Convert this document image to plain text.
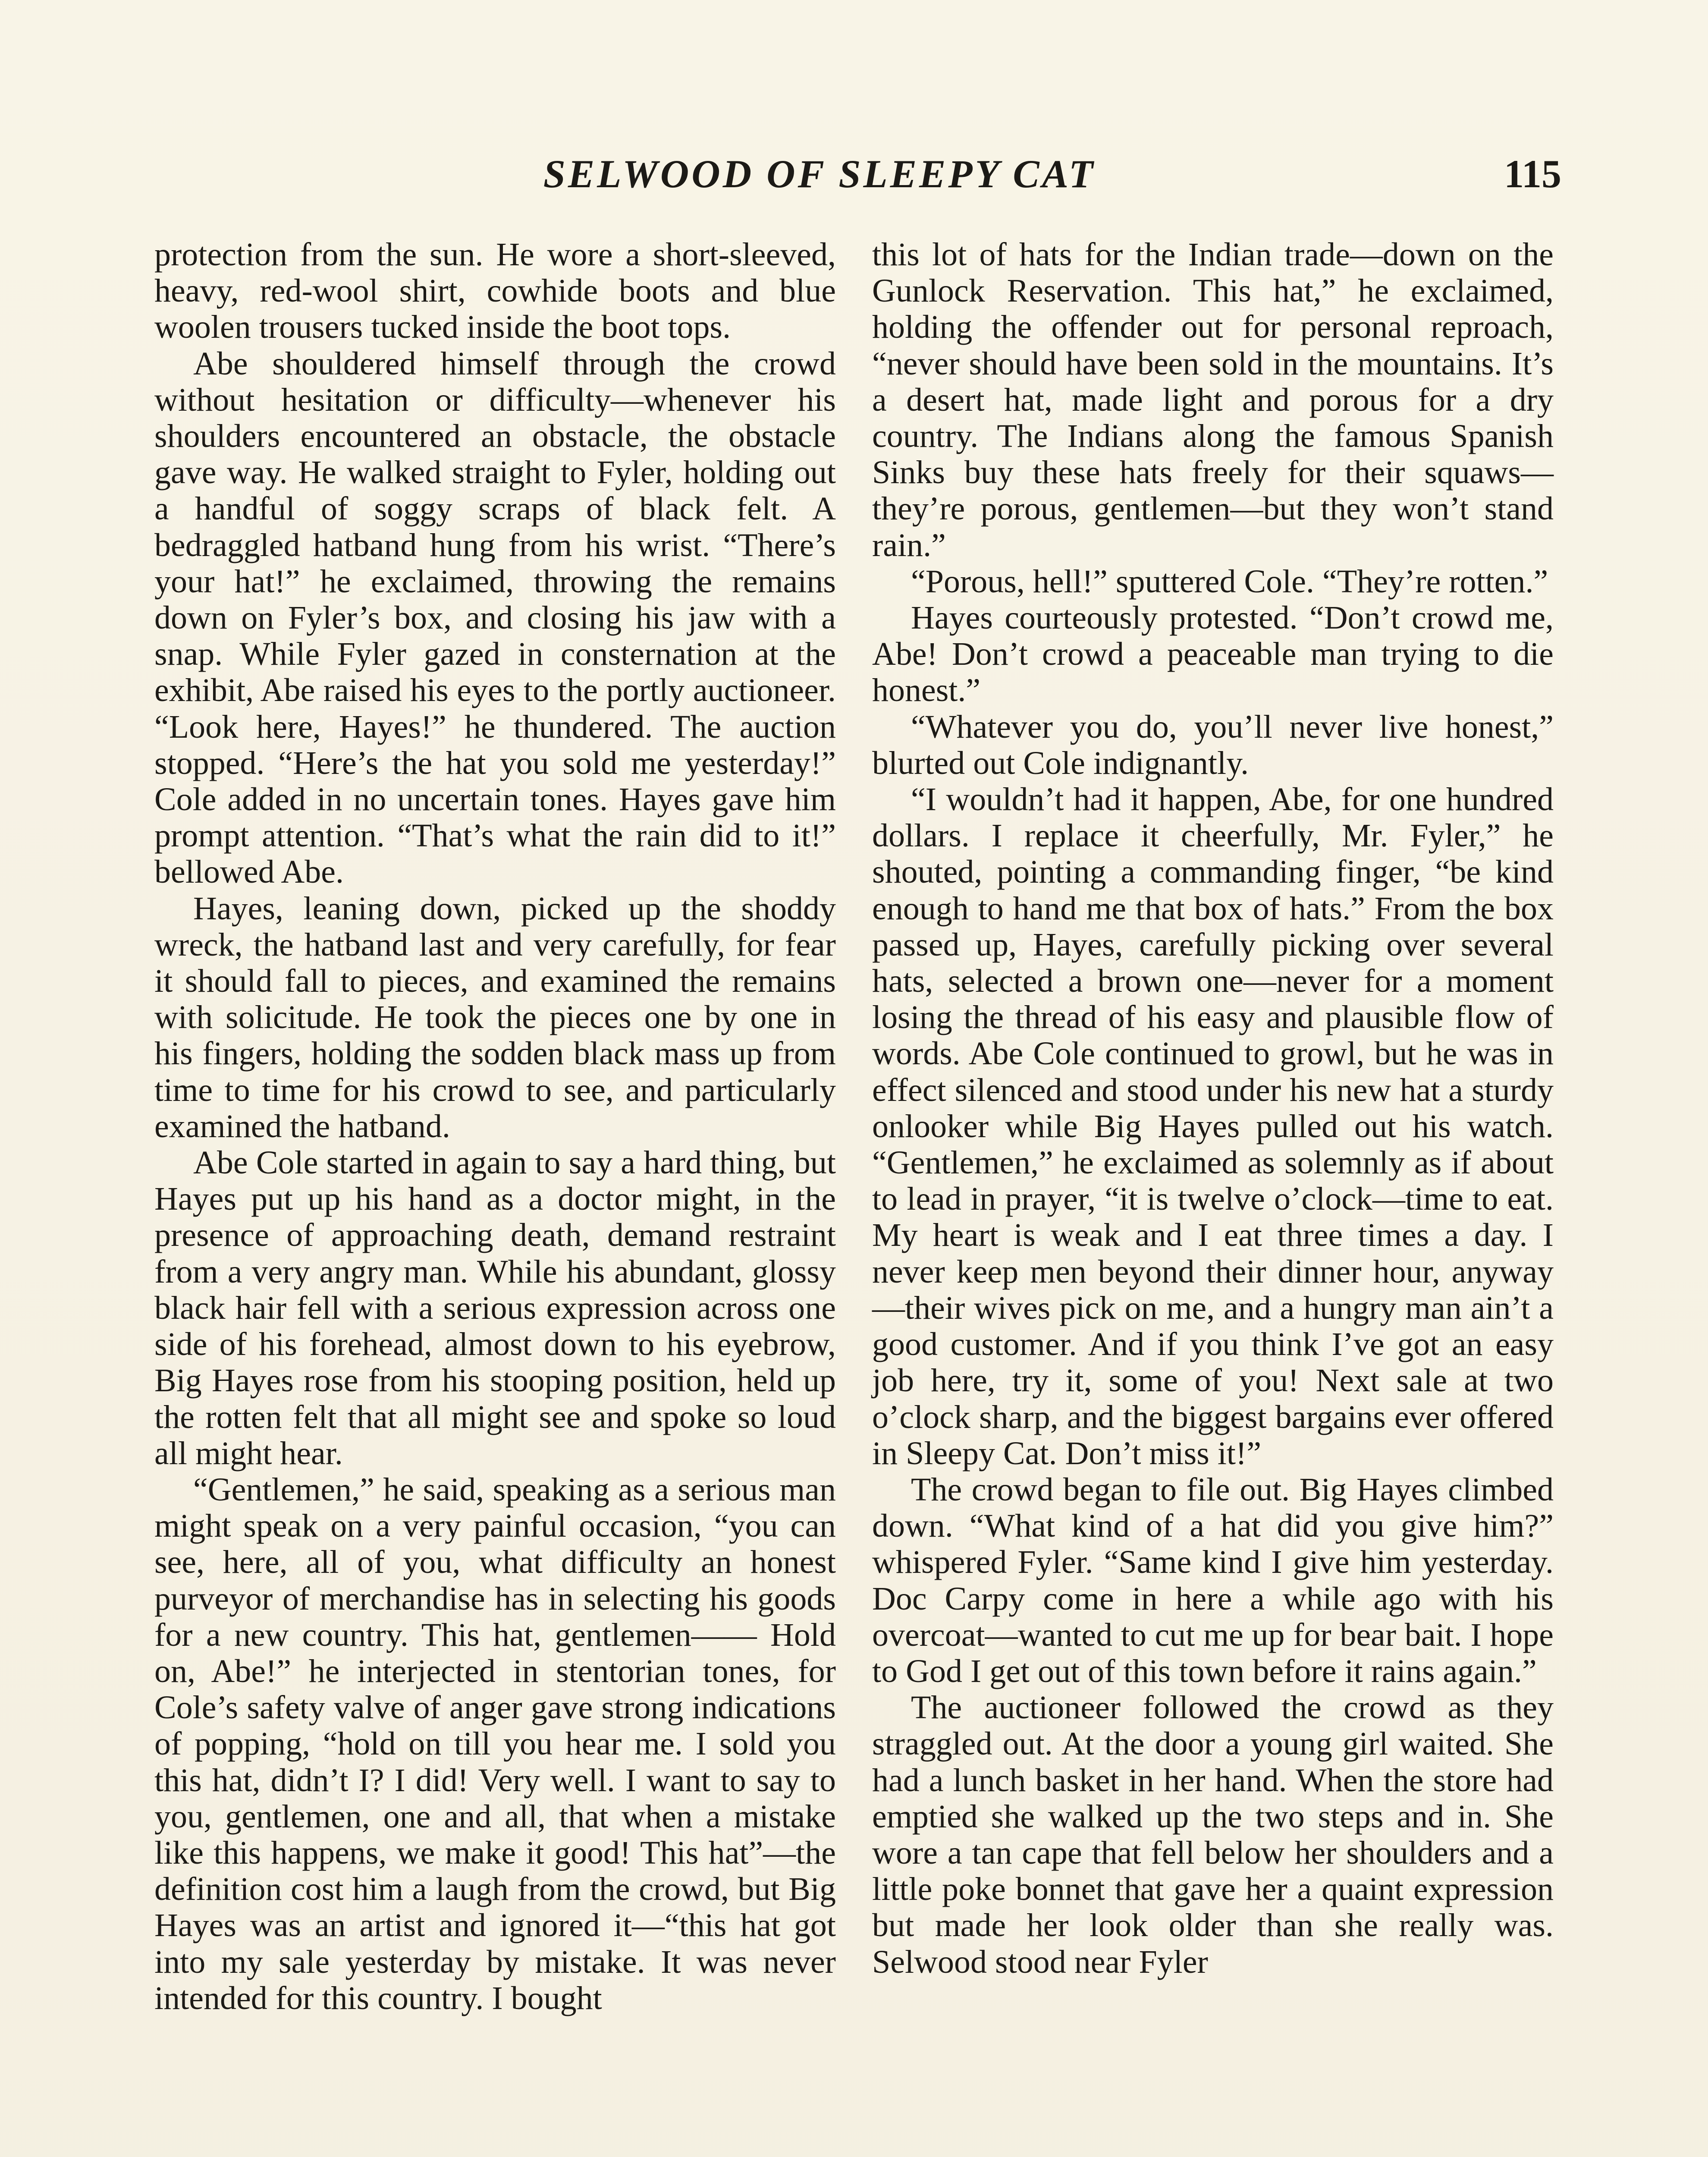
SELWOOD OF SLEEPY CAT	115

protection from the sun. He wore a short-sleeved, heavy, red-wool shirt, cowhide boots and blue woolen trousers tucked inside the boot tops.

Abe shouldered himself through the crowd without hesitation or difficulty—whenever his shoulders encountered an obstacle, the obstacle gave way. He walked straight to Fyler, holding out a handful of soggy scraps of black felt. A bedraggled hatband hung from his wrist. “There’s your hat!” he exclaimed, throwing the remains down on Fyler’s box, and closing his jaw with a snap. While Fyler gazed in consternation at the exhibit, Abe raised his eyes to the portly auctioneer. “Look here, Hayes!” he thundered. The auction stopped. “Here’s the hat you sold me yesterday!” Cole added in no uncertain tones. Hayes gave him prompt attention. “That’s what the rain did to it!” bellowed Abe.

Hayes, leaning down, picked up the shoddy wreck, the hatband last and very carefully, for fear it should fall to pieces, and examined the remains with solicitude. He took the pieces one by one in his fingers, holding the sodden black mass up from time to time for his crowd to see, and particularly examined the hatband.

Abe Cole started in again to say a hard thing, but Hayes put up his hand as a doctor might, in the presence of approaching death, demand restraint from a very angry man. While his abundant, glossy black hair fell with a serious expression across one side of his forehead, almost down to his eyebrow, Big Hayes rose from his stooping position, held up the rotten felt that all might see and spoke so loud all might hear.

“Gentlemen,” he said, speaking as a serious man might speak on a very painful occasion, “you can see, here, all of you, what difficulty an honest purveyor of merchandise has in selecting his goods for a new country. This hat, gentlemen—— Hold on, Abe!” he interjected in stentorian tones, for Cole’s safety valve of anger gave strong indications of popping, “hold on till you hear me. I sold you this hat, didn’t I? I did! Very well. I want to say to you, gentlemen, one and all, that when a mistake like this happens, we make it good! This hat”—the definition cost him a laugh from the crowd, but Big Hayes was an artist and ignored it—“this hat got into my sale yesterday by mistake. It was never intended for this country. I bought

this lot of hats for the Indian trade—down on the Gunlock Reservation. This hat,” he exclaimed, holding the offender out for personal reproach, “never should have been sold in the mountains. It’s a desert hat, made light and porous for a dry country. The Indians along the famous Spanish Sinks buy these hats freely for their squaws—they’re porous, gentlemen—but they won’t stand rain.”

“Porous, hell!” sputtered Cole. “They’re rotten.”

Hayes courteously protested. “Don’t crowd me, Abe! Don’t crowd a peaceable man trying to die honest.”

“Whatever you do, you’ll never live honest,” blurted out Cole indignantly.

“I wouldn’t had it happen, Abe, for one hundred dollars. I replace it cheerfully, Mr. Fyler,” he shouted, pointing a commanding finger, “be kind enough to hand me that box of hats.” From the box passed up, Hayes, carefully picking over several hats, selected a brown one—never for a moment losing the thread of his easy and plausible flow of words. Abe Cole continued to growl, but he was in effect silenced and stood under his new hat a sturdy onlooker while Big Hayes pulled out his watch. “Gentlemen,” he exclaimed as solemnly as if about to lead in prayer, “it is twelve o’clock—time to eat. My heart is weak and I eat three times a day. I never keep men beyond their dinner hour, anyway—their wives pick on me, and a hungry man ain’t a good customer. And if you think I’ve got an easy job here, try it, some of you! Next sale at two o’clock sharp, and the biggest bargains ever offered in Sleepy Cat. Don’t miss it!”

The crowd began to file out. Big Hayes climbed down. “What kind of a hat did you give him?” whispered Fyler. “Same kind I give him yesterday. Doc Carpy come in here a while ago with his overcoat—wanted to cut me up for bear bait. I hope to God I get out of this town before it rains again.”

The auctioneer followed the crowd as they straggled out. At the door a young girl waited. She had a lunch basket in her hand. When the store had emptied she walked up the two steps and in. She wore a tan cape that fell below her shoulders and a little poke bonnet that gave her a quaint expression but made her look older than she really was. Selwood stood near Fyler
